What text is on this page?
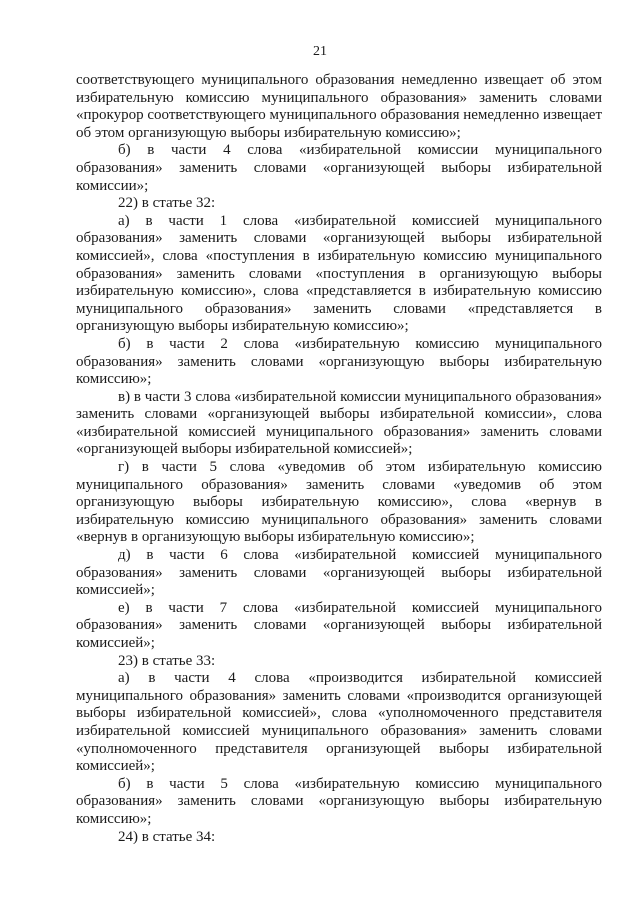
21

соответствующего муниципального образования немедленно извещает об этом избирательную комиссию муниципального образования» заменить словами «прокурор соответствующего муниципального образования немедленно извещает об этом организующую выборы избирательную комиссию»;

б) в части 4 слова «избирательной комиссии муниципального образования» заменить словами «организующей выборы избирательной комиссии»;

22) в статье 32:

а) в части 1 слова «избирательной комиссией муниципального образования» заменить словами «организующей выборы избирательной комиссией», слова «поступления в избирательную комиссию муниципального образования» заменить словами «поступления в организующую выборы избирательную комиссию», слова «представляется в избирательную комиссию муниципального образования» заменить словами «представляется в организующую выборы избирательную комиссию»;

б) в части 2 слова «избирательную комиссию муниципального образования» заменить словами «организующую выборы избирательную комиссию»;

в) в части 3 слова «избирательной комиссии муниципального образования» заменить словами «организующей выборы избирательной комиссии», слова «избирательной комиссией муниципального образования» заменить словами «организующей выборы избирательной комиссией»;

г) в части 5 слова «уведомив об этом избирательную комиссию муниципального образования» заменить словами «уведомив об этом организующую выборы избирательную комиссию», слова «вернув в избирательную комиссию муниципального образования» заменить словами «вернув в организующую выборы избирательную комиссию»;

д) в части 6 слова «избирательной комиссией муниципального образования» заменить словами «организующей выборы избирательной комиссией»;

е) в части 7 слова «избирательной комиссией муниципального образования» заменить словами «организующей выборы избирательной комиссией»;

23) в статье 33:

а) в части 4 слова «производится избирательной комиссией муниципального образования» заменить словами «производится организующей выборы избирательной комиссией», слова «уполномоченного представителя избирательной комиссией муниципального образования» заменить словами «уполномоченного представителя организующей выборы избирательной комиссией»;

б) в части 5 слова «избирательную комиссию муниципального образования» заменить словами «организующую выборы избирательную комиссию»;

24) в статье 34:
